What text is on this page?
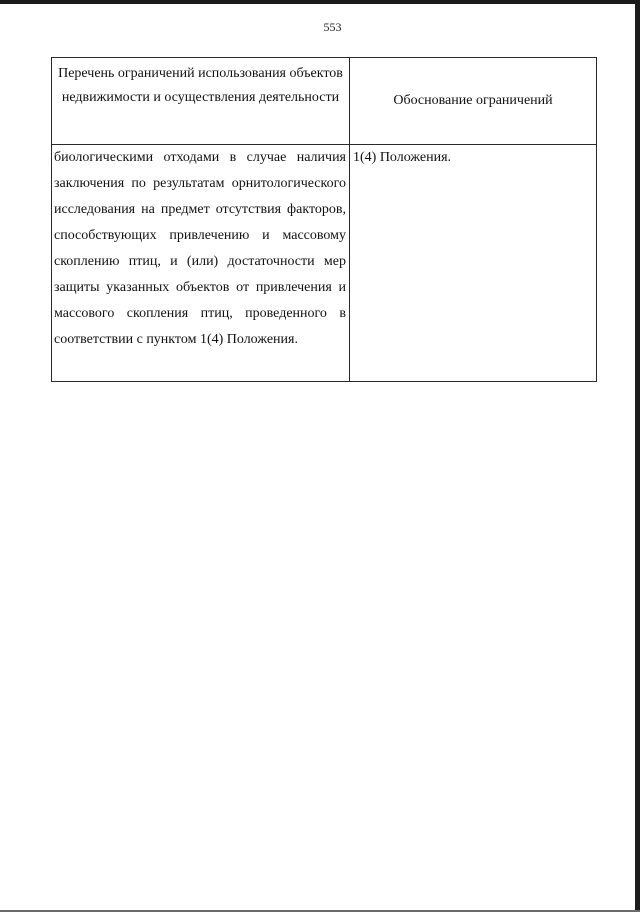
553
Перечень ограничений использования объектов недвижимости и осуществления деятельности	Обоснование ограничений
биологическими отходами в случае наличия заключения по результатам орнитологического исследования на предмет отсутствия факторов, способствующих привлечению и массовому скоплению птиц, и (или) достаточности мер защиты указанных объектов от привлечения и массового скопления птиц, проведенного в соответствии с пунктом 1(4) Положения.	1(4) Положения.
